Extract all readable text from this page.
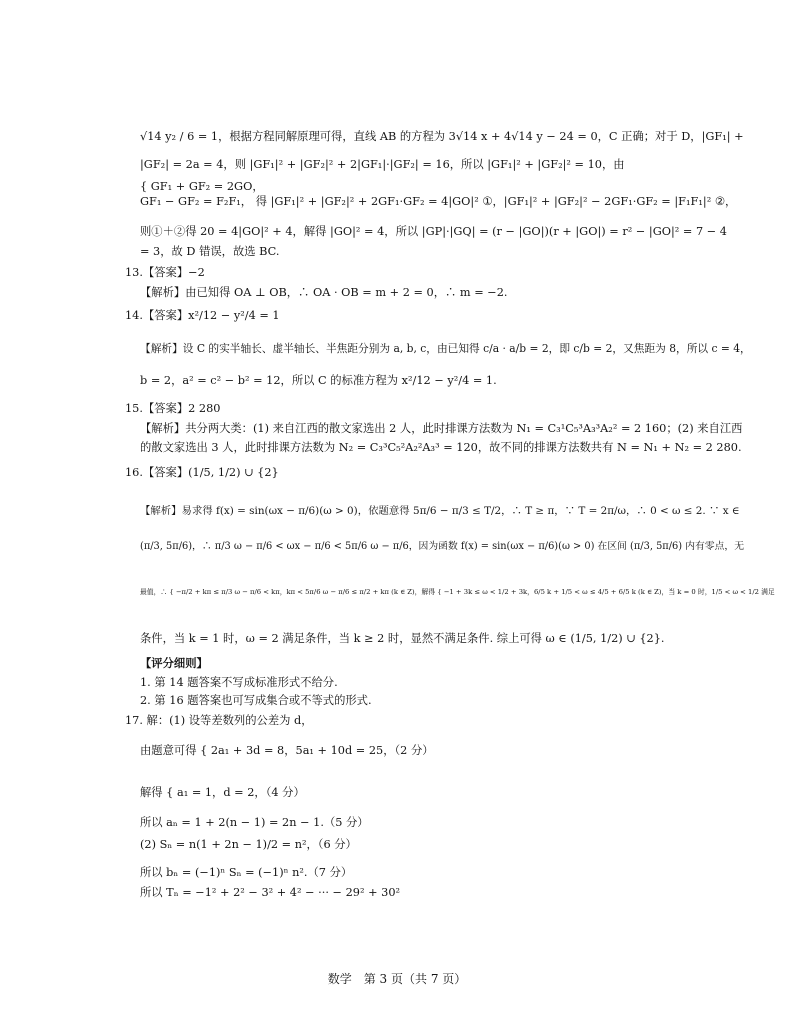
√14 y₂ / 6 = 1，根据方程同解原理可得，直线 AB 的方程为 3√14 x + 4√14 y − 24 = 0，C 正确；对于 D，|GF₁| +
|GF₂| = 2a = 4，则 |GF₁|² + |GF₂|² + 2|GF₁|·|GF₂| = 16，所以 |GF₁|² + |GF₂|² = 10，由
{ GF₁ + GF₂ = 2GO，
GF₁ − GF₂ = F₂F₁， 得 |GF₁|² + |GF₂|² + 2GF₁·GF₂ = 4|GO|² ①，|GF₁|² + |GF₂|² − 2GF₁·GF₂ = |F₁F₁|² ②，
则①＋②得 20 = 4|GO|² + 4，解得 |GO|² = 4，所以 |GP|·|GQ| = (r − |GO|)(r + |GO|) = r² − |GO|² = 7 − 4
= 3，故 D 错误，故选 BC.
13.【答案】−2
【解析】由已知得 OA ⊥ OB，∴ OA · OB = m + 2 = 0，∴ m = −2.
14.【答案】x²/12 − y²/4 = 1
【解析】设 C 的实半轴长、虚半轴长、半焦距分别为 a, b, c，由已知得 c/a · a/b = 2，即 c/b = 2，又焦距为 8，所以 c = 4，
b = 2，a² = c² − b² = 12，所以 C 的标准方程为 x²/12 − y²/4 = 1.
15.【答案】2 280
【解析】共分两大类：(1) 来自江西的散文家选出 2 人，此时排课方法数为 N₁ = C₃¹C₅³A₃³A₂² = 2 160；(2) 来自江西
的散文家选出 3 人，此时排课方法数为 N₂ = C₃³C₅²A₂²A₃³ = 120，故不同的排课方法数共有 N = N₁ + N₂ = 2 280.
16.【答案】(1/5, 1/2) ∪ {2}
【解析】易求得 f(x) = sin(ωx − π/6)(ω > 0)，依题意得 5π/6 − π/3 ≤ T/2，∴ T ≥ π，∵ T = 2π/ω，∴ 0 < ω ≤ 2. ∵ x ∈
(π/3, 5π/6)，∴ π/3 ω − π/6 < ωx − π/6 < 5π/6 ω − π/6，因为函数 f(x) = sin(ωx − π/6)(ω > 0) 在区间 (π/3, 5π/6) 内有零点，无
最值，∴ { −π/2 + kπ ≤ π/3 ω − π/6 < kπ，kπ < 5π/6 ω − π/6 ≤ π/2 + kπ (k ∈ Z)，解得 { −1 + 3k ≤ ω < 1/2 + 3k，6/5 k + 1/5 < ω ≤ 4/5 + 6/5 k (k ∈ Z)，当 k = 0 时，1/5 < ω < 1/2 满足
条件，当 k = 1 时，ω = 2 满足条件，当 k ≥ 2 时，显然不满足条件. 综上可得 ω ∈ (1/5, 1/2) ∪ {2}.
【评分细则】
1. 第 14 题答案不写成标准形式不给分.
2. 第 16 题答案也可写成集合或不等式的形式.
17. 解：(1) 设等差数列的公差为 d，
由题意可得 { 2a₁ + 3d = 8，5a₁ + 10d = 25，（2 分）
解得 { a₁ = 1，d = 2，（4 分）
所以 aₙ = 1 + 2(n − 1) = 2n − 1.（5 分）
(2) Sₙ = n(1 + 2n − 1)/2 = n²，（6 分）
所以 bₙ = (−1)ⁿ Sₙ = (−1)ⁿ n².（7 分）
所以 Tₙ = −1² + 2² − 3² + 4² − ··· − 29² + 30²
数学　第 3 页（共 7 页）
